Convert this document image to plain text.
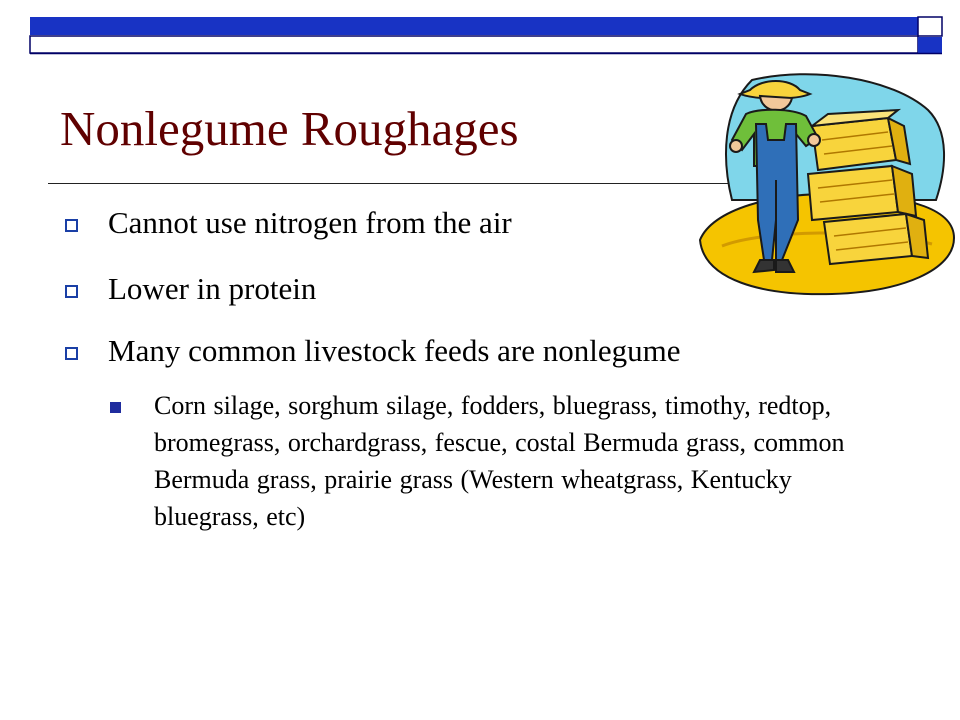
Nonlegume Roughages
Cannot use nitrogen from the air
Lower in protein
Many common livestock feeds are nonlegume
Corn silage, sorghum silage, fodders, bluegrass, timothy, redtop, bromegrass, orchardgrass, fescue, costal Bermuda grass, common Bermuda grass, prairie grass (Western wheatgrass, Kentucky bluegrass, etc)
